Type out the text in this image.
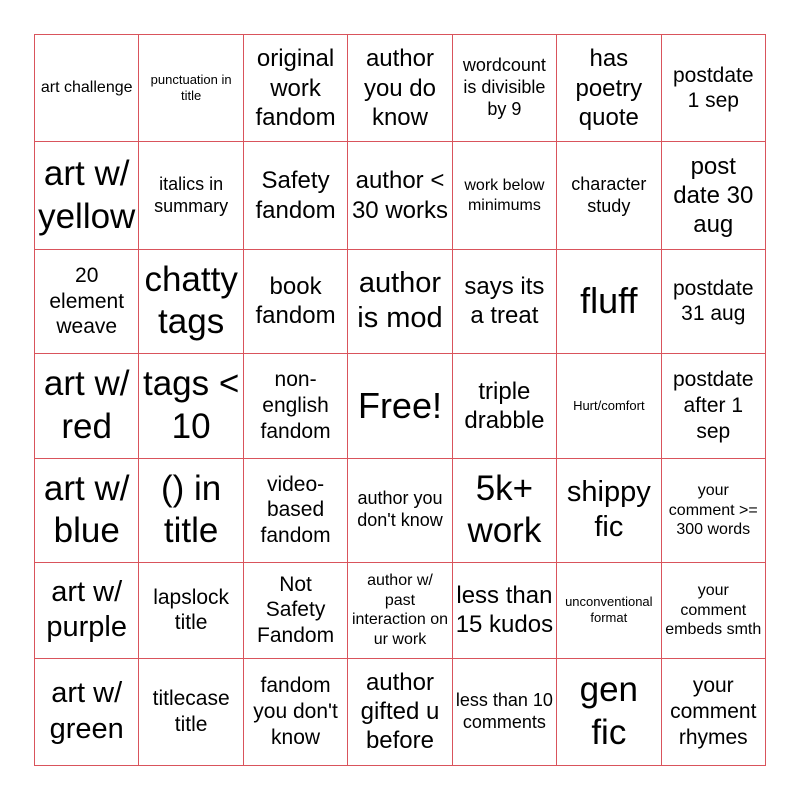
art challenge	punctuation in title	original work fandom	author you do know	wordcount is divisible by 9	has poetry quote	postdate 1 sep
art w/ yellow	italics in summary	Safety fandom	author < 30 works	work below minimums	character study	post date 30 aug
20 element weave	chatty tags	book fandom	author is mod	says its a treat	fluff	postdate 31 aug
art w/ red	tags < 10	non-english fandom	Free!	triple drabble	Hurt/comfort	postdate after 1 sep
art w/ blue	() in title	video-based fandom	author you don't know	5k+ work	shippy fic	your comment >= 300 words
art w/ purple	lapslock title	Not Safety Fandom	author w/ past interaction on ur work	less than 15 kudos	unconventional format	your comment embeds smth
art w/ green	titlecase title	fandom you don't know	author gifted u before	less than 10 comments	gen fic	your comment rhymes
